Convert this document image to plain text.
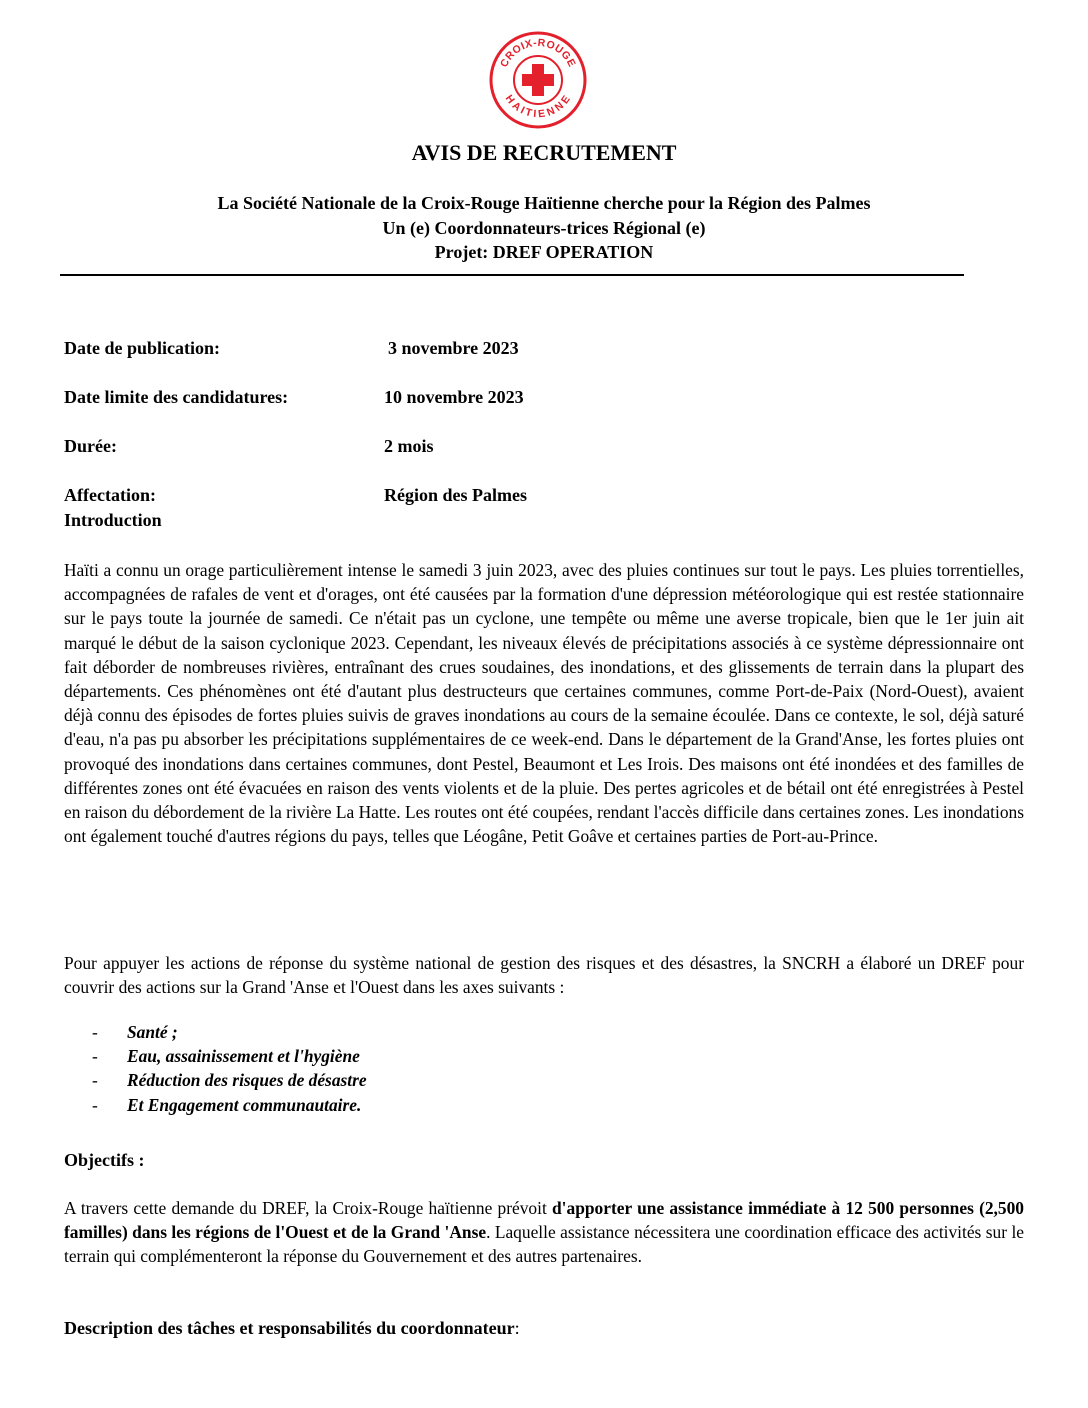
CROIX-ROUGE
HAITIENNE
AVIS DE RECRUTEMENT
La Société Nationale de la Croix-Rouge Haïtienne cherche pour la Région des Palmes
Un (e) Coordonnateurs-trices Régional (e)
Projet: DREF OPERATION
Date de publication:	3 novembre 2023
Date limite des candidatures:	10 novembre 2023
Durée:	2 mois
Affectation:	Région des Palmes
Introduction

Haïti a connu un orage particulièrement intense le samedi 3 juin 2023, avec des pluies continues sur tout le pays. Les pluies torrentielles, accompagnées de rafales de vent et d'orages, ont été causées par la formation d'une dépression météorologique qui est restée stationnaire sur le pays toute la journée de samedi. Ce n'était pas un cyclone, une tempête ou même une averse tropicale, bien que le 1er juin ait marqué le début de la saison cyclonique 2023. Cependant, les niveaux élevés de précipitations associés à ce système dépressionnaire ont fait déborder de nombreuses rivières, entraînant des crues soudaines, des inondations, et des glissements de terrain dans la plupart des départements. Ces phénomènes ont été d'autant plus destructeurs que certaines communes, comme Port-de-Paix (Nord-Ouest), avaient déjà connu des épisodes de fortes pluies suivis de graves inondations au cours de la semaine écoulée. Dans ce contexte, le sol, déjà saturé d'eau, n'a pas pu absorber les précipitations supplémentaires de ce week-end. Dans le département de la Grand'Anse, les fortes pluies ont provoqué des inondations dans certaines communes, dont Pestel, Beaumont et Les Irois. Des maisons ont été inondées et des familles de différentes zones ont été évacuées en raison des vents violents et de la pluie. Des pertes agricoles et de bétail ont été enregistrées à Pestel en raison du débordement de la rivière La Hatte. Les routes ont été coupées, rendant l'accès difficile dans certaines zones. Les inondations ont également touché d'autres régions du pays, telles que Léogâne, Petit Goâve et certaines parties de Port-au-Prince.

Pour appuyer les actions de réponse du système national de gestion des risques et des désastres, la SNCRH a élaboré un DREF pour couvrir des actions sur la Grand 'Anse et l'Ouest dans les axes suivants :

- Santé ;
- Eau, assainissement et l'hygiène
- Réduction des risques de désastre
- Et Engagement communautaire.
Objectifs :

A travers cette demande du DREF, la Croix-Rouge haïtienne prévoit d'apporter une assistance immédiate à 12 500 personnes (2,500 familles) dans les régions de l'Ouest et de la Grand 'Anse. Laquelle assistance nécessitera une coordination efficace des activités sur le terrain qui complémenteront la réponse du Gouvernement et des autres partenaires.

Description des tâches et responsabilités du coordonnateur:
